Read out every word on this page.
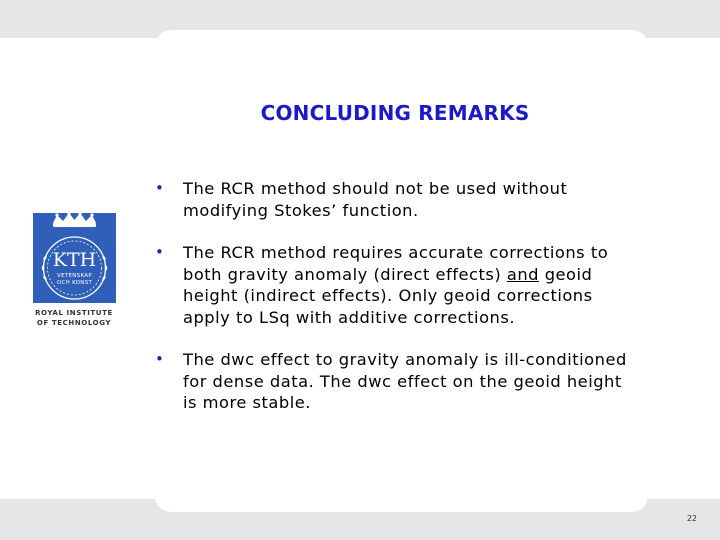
KTH
VETENSKAP
OCH KONST
ROYAL INSTITUTE
OF TECHNOLOGY
CONCLUDING REMARKS
• The RCR method should not be used without modifying Stokes’ function.
• The RCR method requires accurate corrections to both gravity anomaly (direct effects) and geoid height (indirect effects). Only geoid corrections apply to LSq with additive corrections.
• The dwc effect to gravity anomaly is ill-conditioned for dense data. The dwc effect on the geoid height is more stable.
22
